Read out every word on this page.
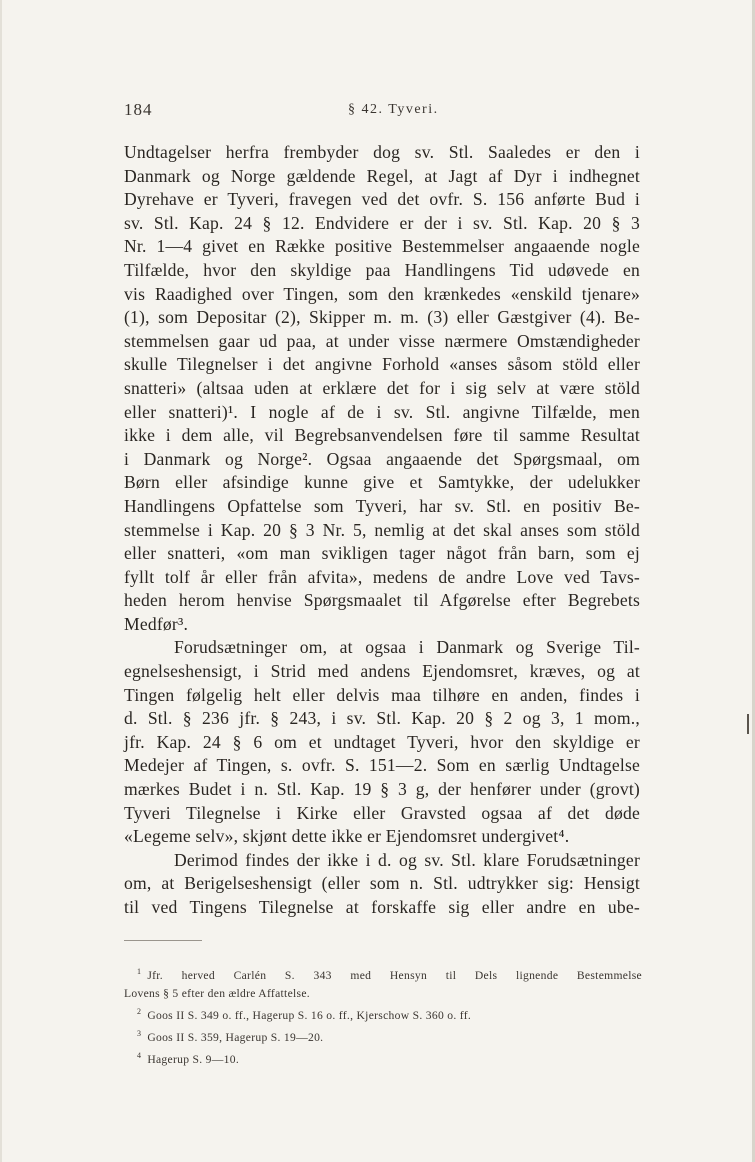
184	§ 42. Tyveri.
Undtagelser herfra frembyder dog sv. Stl. Saaledes er den i
Danmark og Norge gældende Regel, at Jagt af Dyr i indhegnet
Dyrehave er Tyveri, fravegen ved det ovfr. S. 156 anførte Bud i
sv. Stl. Kap. 24 § 12. Endvidere er der i sv. Stl. Kap. 20 § 3
Nr. 1—4 givet en Række positive Bestemmelser angaaende nogle
Tilfælde, hvor den skyldige paa Handlingens Tid udøvede en
vis Raadighed over Tingen, som den krænkedes «enskild tjenare»
(1), som Depositar (2), Skipper m. m. (3) eller Gæstgiver (4). Be-
stemmelsen gaar ud paa, at under visse nærmere Omstændigheder
skulle Tilegnelser i det angivne Forhold «anses såsom stöld eller
snatteri» (altsaa uden at erklære det for i sig selv at være stöld
eller snatteri)¹. I nogle af de i sv. Stl. angivne Tilfælde, men
ikke i dem alle, vil Begrebsanvendelsen føre til samme Resultat
i Danmark og Norge². Ogsaa angaaende det Spørgsmaal, om
Børn eller afsindige kunne give et Samtykke, der udelukker
Handlingens Opfattelse som Tyveri, har sv. Stl. en positiv Be-
stemmelse i Kap. 20 § 3 Nr. 5, nemlig at det skal anses som stöld
eller snatteri, «om man svikligen tager något från barn, som ej
fyllt tolf år eller från afvita», medens de andre Love ved Tavs-
heden herom henvise Spørgsmaalet til Afgørelse efter Begrebets
Medfør³.
Forudsætninger om, at ogsaa i Danmark og Sverige Til-
egnelseshensigt, i Strid med andens Ejendomsret, kræves, og at
Tingen følgelig helt eller delvis maa tilhøre en anden, findes i
d. Stl. § 236 jfr. § 243, i sv. Stl. Kap. 20 § 2 og 3, 1 mom.,
jfr. Kap. 24 § 6 om et undtaget Tyveri, hvor den skyldige er
Medejer af Tingen, s. ovfr. S. 151—2. Som en særlig Undtagelse
mærkes Budet i n. Stl. Kap. 19 § 3 g, der henfører under (grovt)
Tyveri Tilegnelse i Kirke eller Gravsted ogsaa af det døde
«Legeme selv», skjønt dette ikke er Ejendomsret undergivet⁴.
Derimod findes der ikke i d. og sv. Stl. klare Forudsætninger
om, at Berigelseshensigt (eller som n. Stl. udtrykker sig: Hensigt
til ved Tingens Tilegnelse at forskaffe sig eller andre en ube-
$^1$ Jfr. herved Carlén S. 343 med Hensyn til Dels lignende Bestemmelse
Lovens § 5 efter den ældre Affattelse.
$^2$ Goos II S. 349 o. ff., Hagerup S. 16 o. ff., Kjerschow S. 360 o. ff.
$^3$ Goos II S. 359, Hagerup S. 19—20.
$^4$ Hagerup S. 9—10.
